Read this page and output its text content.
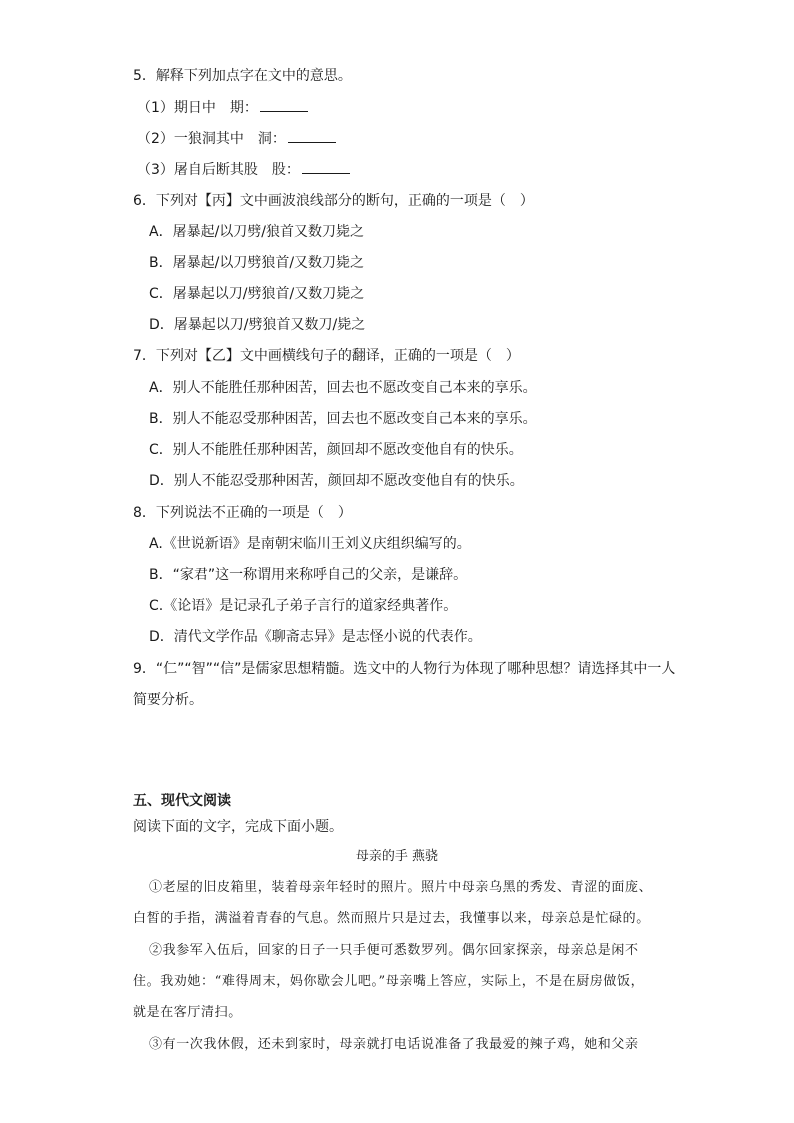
5．解释下列加点字在文中的意思。
（1）期日中　期：
（2）一狼洞其中　洞：
（3）屠自后断其股　股：
6．下列对【丙】文中画波浪线部分的断句，正确的一项是（　）
A．屠暴起/以刀劈/狼首又数刀毙之
B．屠暴起/以刀劈狼首/又数刀毙之
C．屠暴起以刀/劈狼首/又数刀毙之
D．屠暴起以刀/劈狼首又数刀/毙之
7．下列对【乙】文中画横线句子的翻译，正确的一项是（　）
A．别人不能胜任那种困苦，回去也不愿改变自己本来的享乐。
B．别人不能忍受那种困苦，回去也不愿改变自己本来的享乐。
C．别人不能胜任那种困苦，颜回却不愿改变他自有的快乐。
D．别人不能忍受那种困苦，颜回却不愿改变他自有的快乐。
8．下列说法不正确的一项是（　）
A.《世说新语》是南朝宋临川王刘义庆组织编写的。
B．“家君”这一称谓用来称呼自己的父亲，是谦辞。
C.《论语》是记录孔子弟子言行的道家经典著作。
D．清代文学作品《聊斋志异》是志怪小说的代表作。
9．“仁”“智”“信”是儒家思想精髓。选文中的人物行为体现了哪种思想？请选择其中一人
简要分析。
五、现代文阅读
阅读下面的文字，完成下面小题。
母亲的手 燕骁
①老屋的旧皮箱里，装着母亲年轻时的照片。照片中母亲乌黑的秀发、青涩的面庞、
白皙的手指，满溢着青春的气息。然而照片只是过去，我懂事以来，母亲总是忙碌的。
②我参军入伍后，回家的日子一只手便可悉数罗列。偶尔回家探亲，母亲总是闲不
住。我劝她：“难得周末，妈你歇会儿吧。”母亲嘴上答应，实际上，不是在厨房做饭，
就是在客厅清扫。
③有一次我休假，还未到家时，母亲就打电话说准备了我最爱的辣子鸡，她和父亲
